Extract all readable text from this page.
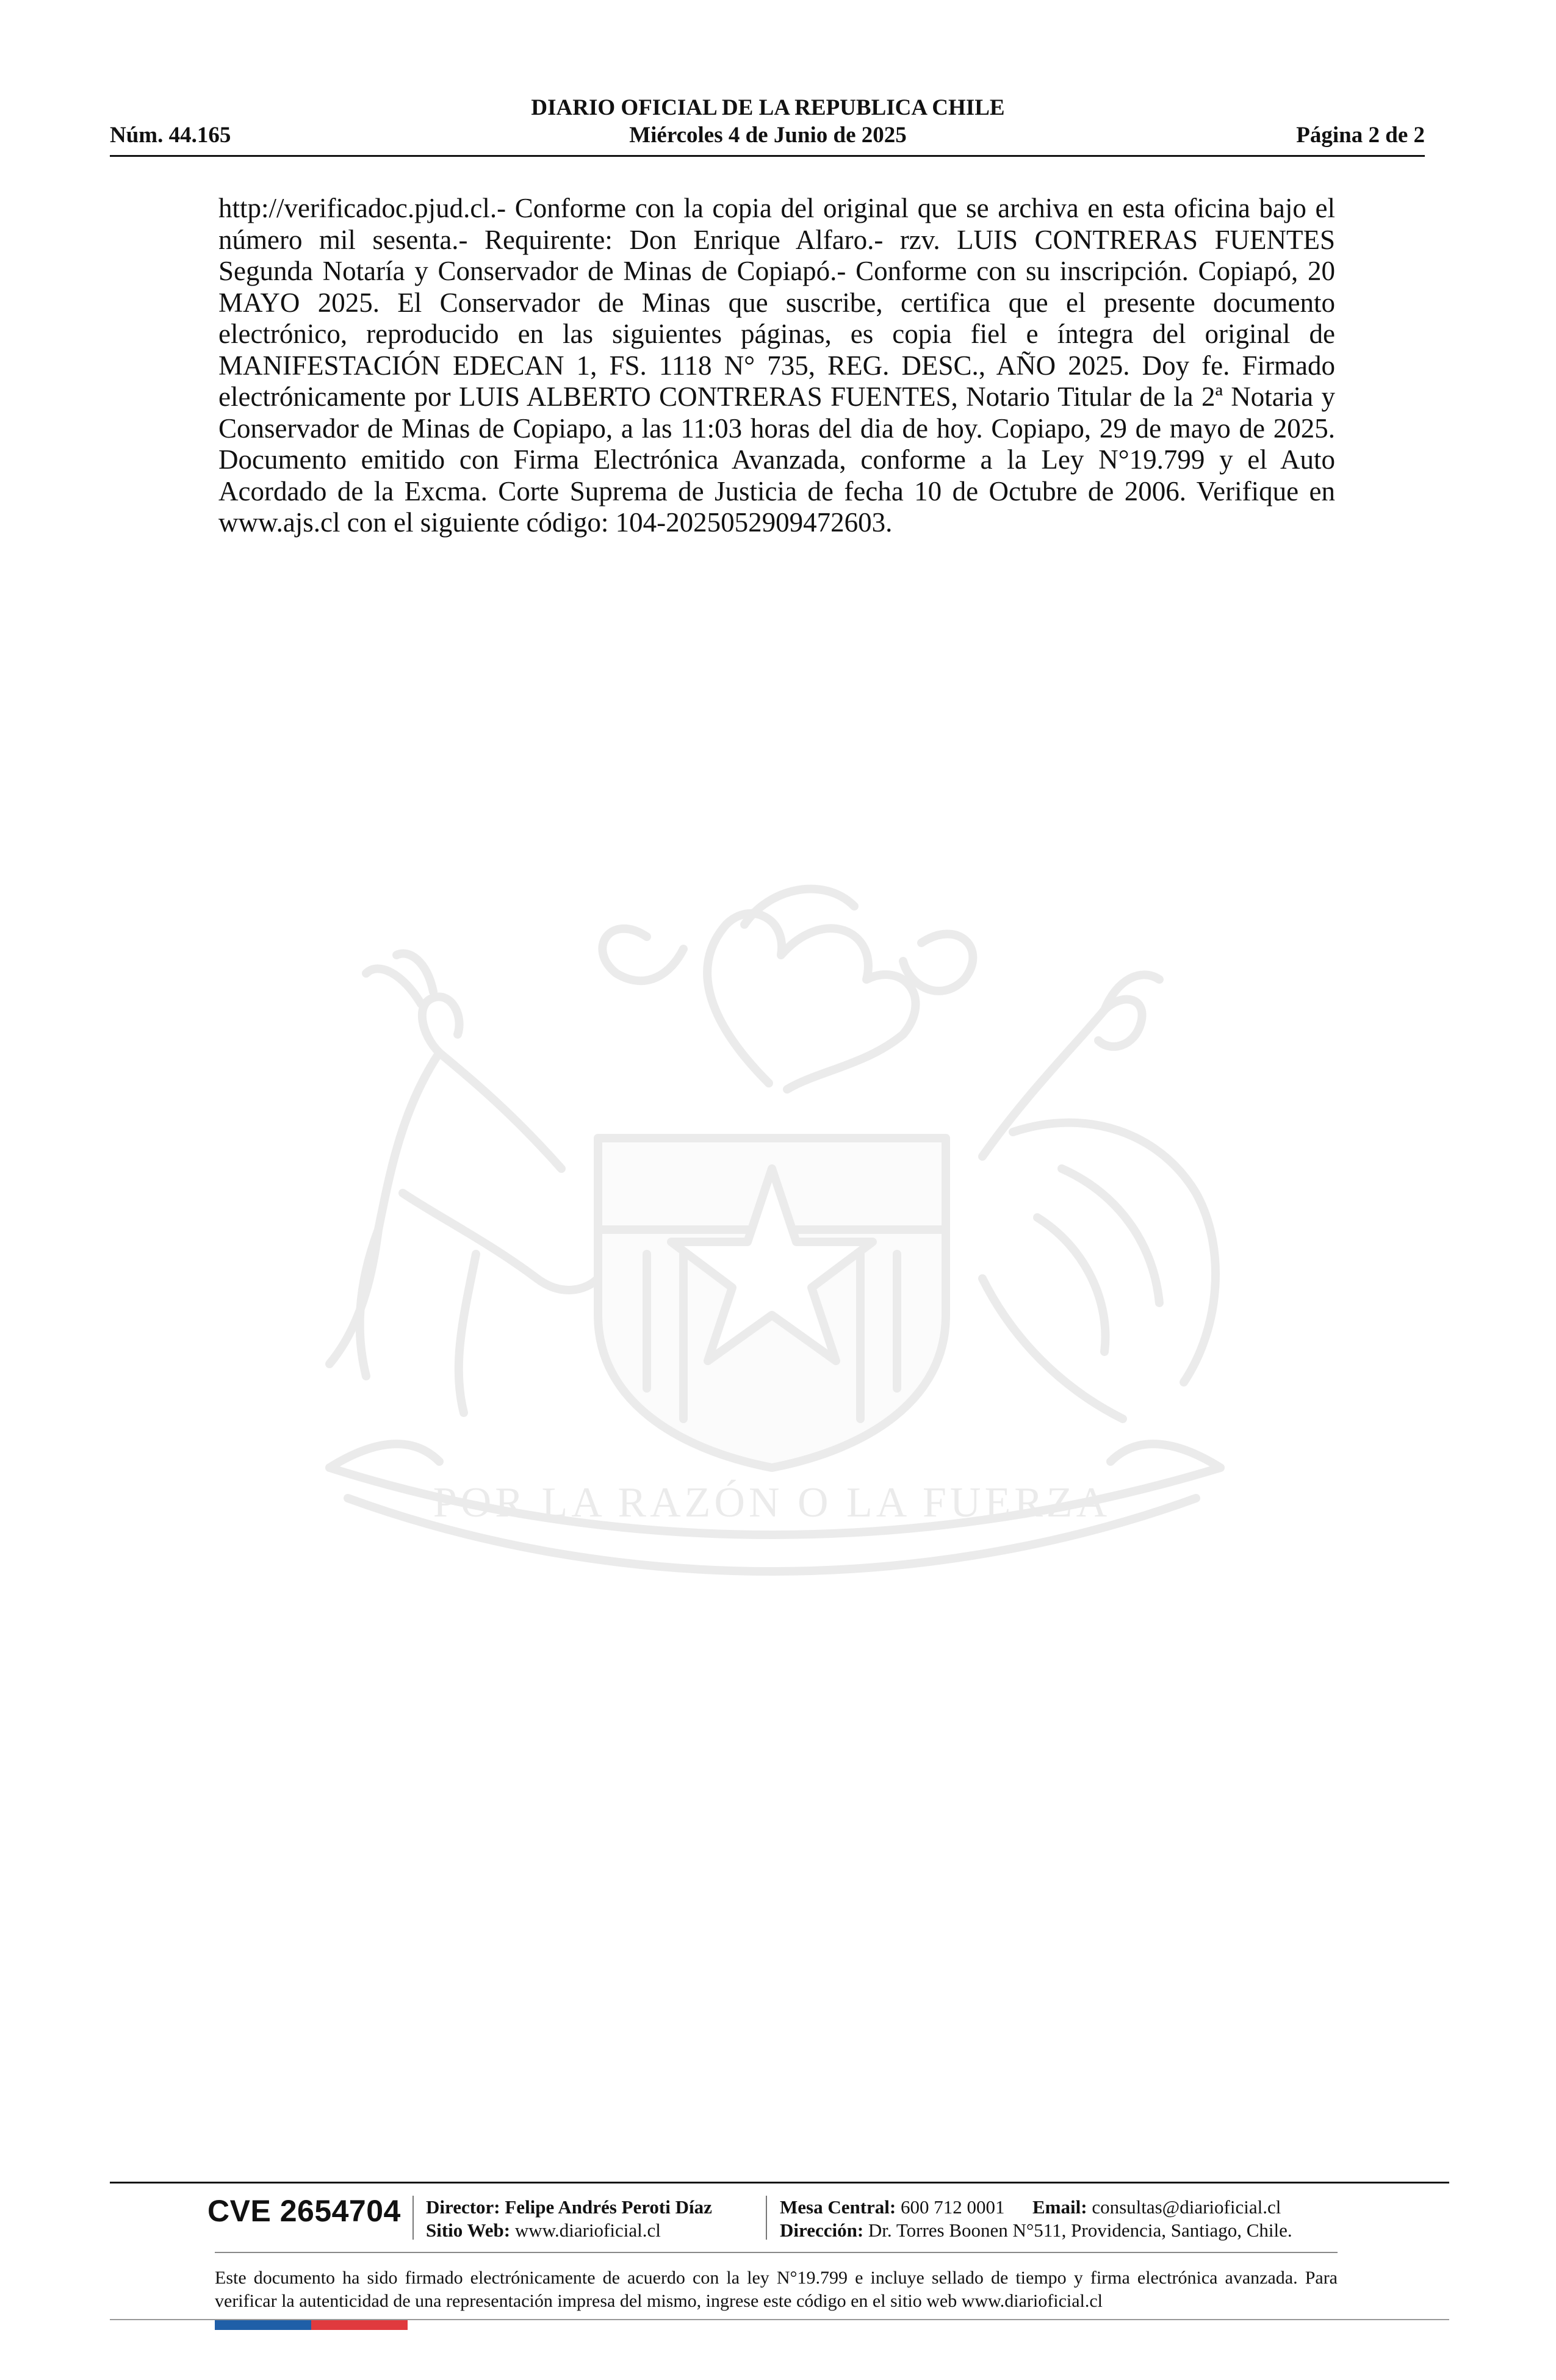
DIARIO OFICIAL DE LA REPUBLICA CHILE
Núm. 44.165	Miércoles 4 de Junio de 2025	Página 2 de 2

http://verificadoc.pjud.cl.- Conforme con la copia del original que se archiva en esta oficina bajo el número mil sesenta.- Requirente: Don Enrique Alfaro.- rzv. LUIS CONTRERAS FUENTES Segunda Notaría y Conservador de Minas de Copiapó.- Conforme con su inscripción. Copiapó, 20 MAYO 2025. El Conservador de Minas que suscribe, certifica que el presente documento electrónico, reproducido en las siguientes páginas, es copia fiel e íntegra del original de MANIFESTACIÓN EDECAN 1, FS. 1118 N° 735, REG. DESC., AÑO 2025. Doy fe. Firmado electrónicamente por LUIS ALBERTO CONTRERAS FUENTES, Notario Titular de la 2ª Notaria y Conservador de Minas de Copiapo, a las 11:03 horas del dia de hoy. Copiapo, 29 de mayo de 2025. Documento emitido con Firma Electrónica Avanzada, conforme a la Ley N°19.799 y el Auto Acordado de la Excma. Corte Suprema de Justicia de fecha 10 de Octubre de 2006. Verifique en www.ajs.cl con el siguiente código: 104-2025052909472603.

POR LA RAZÓN O LA FUERZA
CVE 2654704 Director: Felipe Andrés Peroti Díaz
Sitio Web: www.diarioficial.cl
Mesa Central: 600 712 0001 Email: consultas@diarioficial.cl
Dirección: Dr. Torres Boonen N°511, Providencia, Santiago, Chile.

Este documento ha sido firmado electrónicamente de acuerdo con la ley N°19.799 e incluye sellado de tiempo y firma electrónica avanzada. Para verificar la autenticidad de una representación impresa del mismo, ingrese este código en el sitio web www.diarioficial.cl
